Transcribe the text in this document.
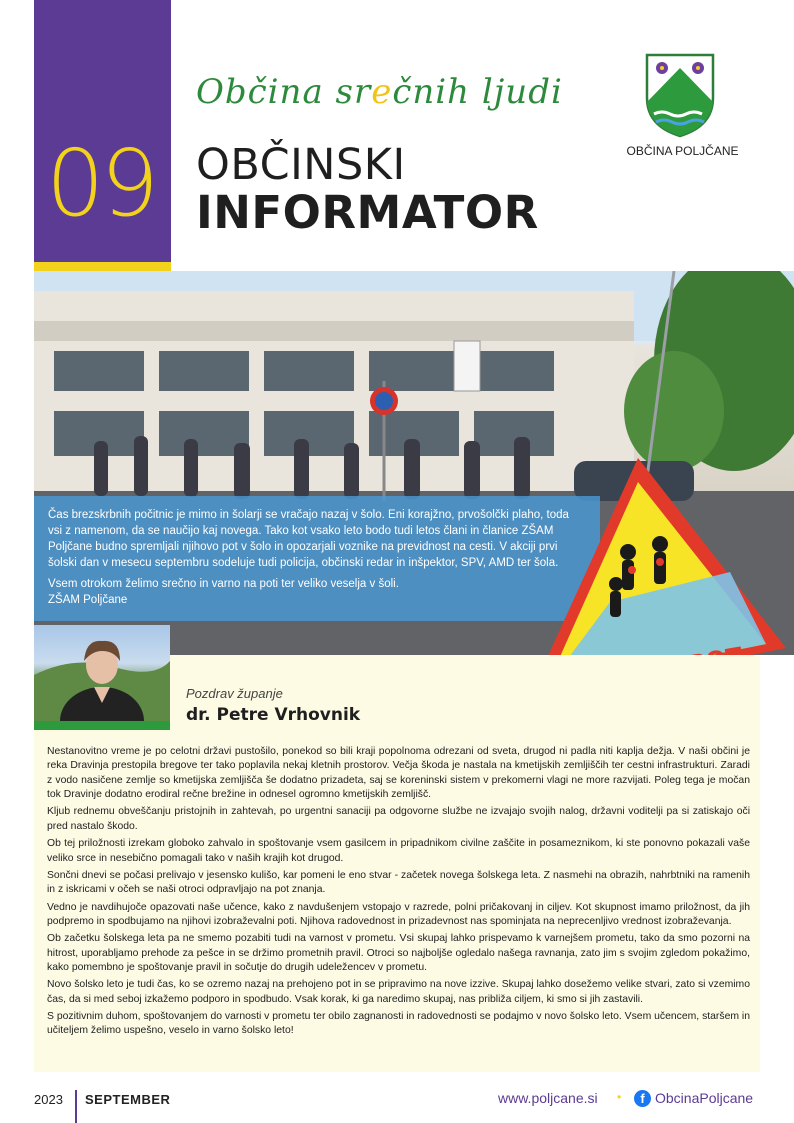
09
Občina srečnih ljudi
OBČINSKI
INFORMATOR
OBČINA POLJČANE

Čas brezskrbnih počitnic je mimo in šolarji se vračajo nazaj v šolo. Eni korajžno, prvošolčki plaho, toda vsi z namenom, da se naučijo kaj novega. Tako kot vsako leto bodo tudi letos člani in članice ZŠAM Poljčane budno spremljali njihovo pot v šolo in opozarjali voznike na previdnost na cesti. V akciji prvi šolski dan v mesecu septembru sodeluje tudi policija, občinski redar in inšpektor, SPV, AMD ter šola.

Vsem otrokom želimo srečno in varno na poti ter veliko veselja v šoli.
ZŠAM Poljčane
Pozdrav županje
dr. Petre Vrhovnik

Nestanovitno vreme je po celotni državi pustošilo, ponekod so bili kraji popolnoma odrezani od sveta, drugod ni padla niti kaplja dežja. V naši občini je reka Dravinja prestopila bregove ter tako poplavila nekaj kletnih prostorov. Večja škoda je nastala na kmetijskih zemljiščih ter cestni infrastrukturi. Zaradi z vodo nasičene zemlje so kmetijska zemljišča še dodatno prizadeta, saj se koreninski sistem v prekomerni vlagi ne more razvijati. Poleg tega je močan tok Dravinje dodatno erodiral rečne brežine in odnesel ogromno kmetijskih zemljišč.

Kljub rednemu obveščanju pristojnih in zahtevah, po urgentni sanaciji pa odgovorne službe ne izvajajo svojih nalog, državni voditelji pa si zatiskajo oči pred nastalo škodo.

Ob tej priložnosti izrekam globoko zahvalo in spoštovanje vsem gasilcem in pripadnikom civilne zaščite in posameznikom, ki ste ponovno pokazali vaše veliko srce in nesebično pomagali tako v naših krajih kot drugod.

Sončni dnevi se počasi prelivajo v jesensko kulišo, kar pomeni le eno stvar - začetek novega šolskega leta. Z nasmehi na obrazih, nahrbtniki na ramenih in z iskricami v očeh se naši otroci odpravljajo na pot znanja.

Vedno je navdihujoče opazovati naše učence, kako z navdušenjem vstopajo v razrede, polni pričakovanj in ciljev. Kot skupnost imamo priložnost, da jih podpremo in spodbujamo na njihovi izobraževalni poti. Njihova radovednost in prizadevnost nas spominjata na neprecenljivo vrednost izobraževanja.

Ob začetku šolskega leta pa ne smemo pozabiti tudi na varnost v prometu. Vsi skupaj lahko prispevamo k varnejšem prometu, tako da smo pozorni na hitrost, uporabljamo prehode za pešce in se držimo prometnih pravil. Otroci so najboljše ogledalo našega ravnanja, zato jim s svojim zgledom pokažimo, kako pomembno je spoštovanje pravil in sočutje do drugih udeležencev v prometu.

Novo šolsko leto je tudi čas, ko se ozremo nazaj na prehojeno pot in se pripravimo na nove izzive. Skupaj lahko dosežemo velike stvari, zato si vzemimo čas, da si med seboj izkažemo podporo in spodbudo. Vsak korak, ki ga naredimo skupaj, nas približa ciljem, ki smo si jih zastavili.

S pozitivnim duhom, spoštovanjem do varnosti v prometu ter obilo zagnanosti in radovednosti se podajmo v novo šolsko leto. Vsem učencem, staršem in učiteljem želimo uspešno, veselo in varno šolsko leto!

2023 SEPTEMBER	www.poljcane.si •	f ObcinaPoljcane
